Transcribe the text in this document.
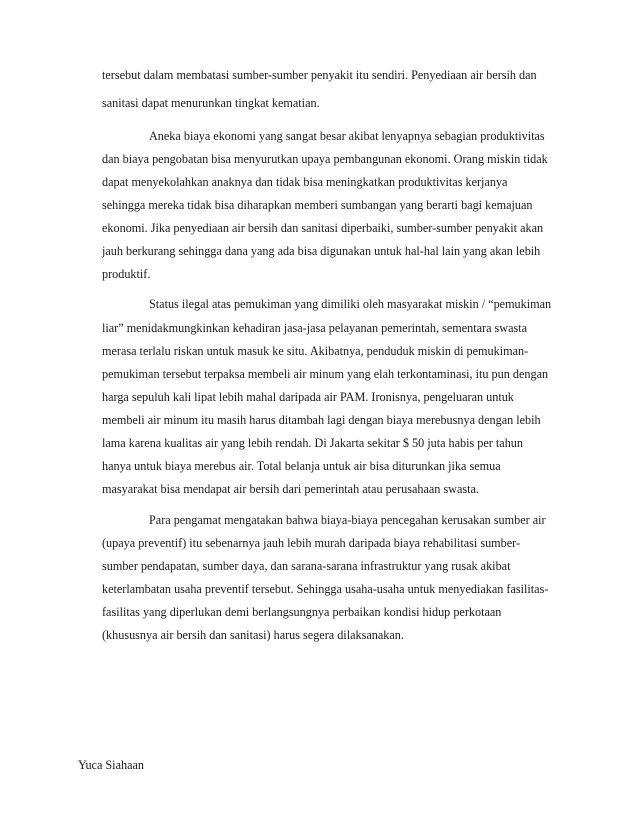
tersebut dalam membatasi sumber-sumber penyakit itu sendiri. Penyediaan air bersih dan
sanitasi dapat menurunkan tingkat kematian.
Aneka biaya ekonomi yang sangat besar akibat lenyapnya sebagian produktivitas
dan biaya pengobatan bisa menyurutkan upaya pembangunan ekonomi. Orang miskin tidak
dapat menyekolahkan anaknya dan tidak bisa meningkatkan produktivitas kerjanya
sehingga mereka tidak bisa diharapkan memberi sumbangan yang berarti bagi kemajuan
ekonomi. Jika penyediaan air bersih dan sanitasi diperbaiki, sumber-sumber penyakit akan
jauh berkurang sehingga dana yang ada bisa digunakan untuk hal-hal lain yang akan lebih
produktif.
Status ilegal atas pemukiman yang dimiliki oleh masyarakat miskin / “pemukiman
liar” menidakmungkinkan kehadiran jasa-jasa pelayanan pemerintah, sementara swasta
merasa terlalu riskan untuk masuk ke situ. Akibatnya, penduduk miskin di pemukiman-
pemukiman tersebut terpaksa membeli air minum yang elah terkontaminasi, itu pun dengan
harga sepuluh kali lipat lebih mahal daripada air PAM. Ironisnya, pengeluaran untuk
membeli air minum itu masih harus ditambah lagi dengan biaya merebusnya dengan lebih
lama karena kualitas air yang lebih rendah. Di Jakarta sekitar $ 50 juta habis per tahun
hanya untuk biaya merebus air. Total belanja untuk air bisa diturunkan jika semua
masyarakat bisa mendapat air bersih dari pemerintah atau perusahaan swasta.
Para pengamat mengatakan bahwa biaya-biaya pencegahan kerusakan sumber air
(upaya preventif) itu sebenarnya jauh lebih murah daripada biaya rehabilitasi sumber-
sumber pendapatan, sumber daya, dan sarana-sarana infrastruktur yang rusak akibat
keterlambatan usaha preventif tersebut. Sehingga usaha-usaha untuk menyediakan fasilitas-
fasilitas yang diperlukan demi berlangsungnya perbaikan kondisi hidup perkotaan
(khususnya air bersih dan sanitasi) harus segera dilaksanakan.
Yuca Siahaan
